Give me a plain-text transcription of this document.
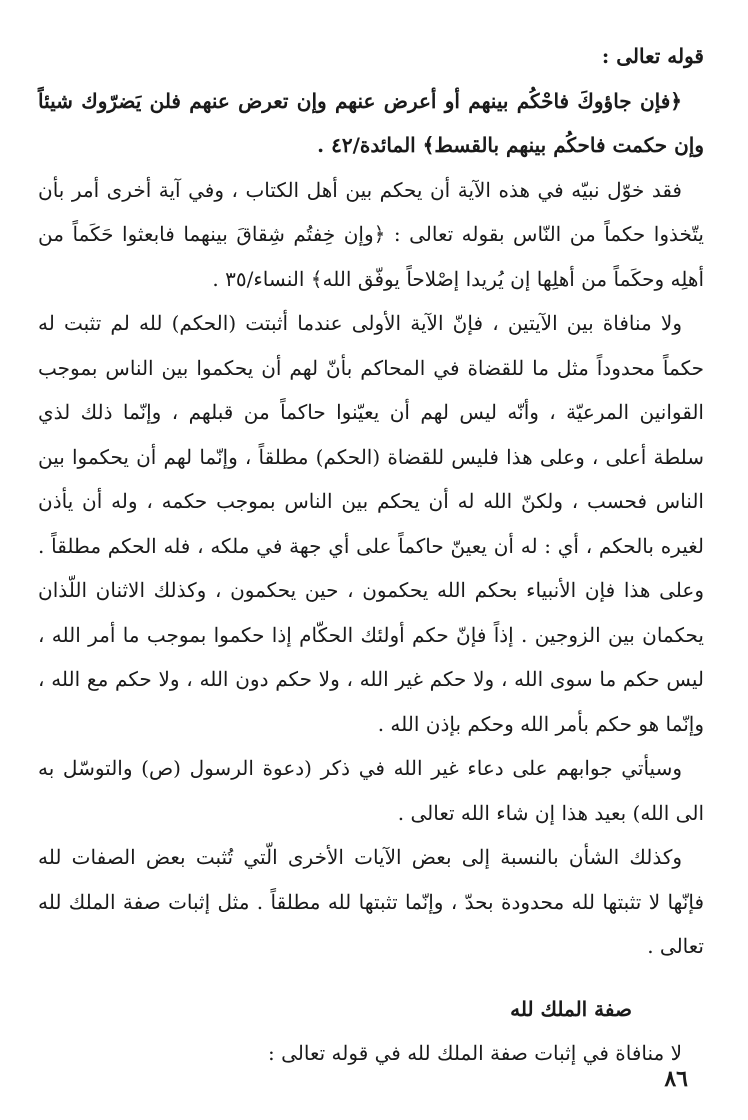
قوله تعالى :

﴿فإن جاؤوكَ فاحْكُم بينهم أو أعرض عنهم وإن تعرض عنهم فلن يَضرّوك شيئاً وإن حكمت فاحكُم بينهم بالقسط﴾ المائدة/٤٢ .

فقد خوّل نبيّه في هذه الآية أن يحكم بين أهل الكتاب ، وفي آية أخرى أمر بأن يتّخذوا حكماً من النّاس بقوله تعالى : ﴿وإن خِفتُم شِقاقَ بينهما فابعثوا حَكَماً من أهلِه وحكَماً من أهلِها إن يُريدا إصْلاحاً يوفّق الله﴾ النساء/٣٥ .

ولا منافاة بين الآيتين ، فإنّ الآية الأولى عندما أثبتت (الحكم) لله لم تثبت له حكماً محدوداً مثل ما للقضاة في المحاكم بأنّ لهم أن يحكموا بين الناس بموجب القوانين المرعيّة ، وأنّه ليس لهم أن يعيّنوا حاكماً من قبلهم ، وإنّما ذلك لذي سلطة أعلى ، وعلى هذا فليس للقضاة (الحكم) مطلقاً ، وإنّما لهم أن يحكموا بين الناس فحسب ، ولكنّ الله له أن يحكم بين الناس بموجب حكمه ، وله أن يأذن لغيره بالحكم ، أي : له أن يعينّ حاكماً على أي جهة في ملكه ، فله الحكم مطلقاً . وعلى هذا فإن الأنبياء بحكم الله يحكمون ، حين يحكمون ، وكذلك الاثنان اللّذان يحكمان بين الزوجين . إذاً فإنّ حكم أولئك الحكّام إذا حكموا بموجب ما أمر الله ، ليس حكم ما سوى الله ، ولا حكم غير الله ، ولا حكم دون الله ، ولا حكم مع الله ، وإنّما هو حكم بأمر الله وحكم بإذن الله .

وسيأتي جوابهم على دعاء غير الله في ذكر (دعوة الرسول (ص) والتوسّل به الى الله) بعيد هذا إن شاء الله تعالى .

وكذلك الشأن بالنسبة إلى بعض الآيات الأخرى الّتي تُثبت بعض الصفات لله فإنّها لا تثبتها لله محدودة بحدّ ، وإنّما تثبتها لله مطلقاً . مثل إثبات صفة الملك لله تعالى .

صفة الملك لله

لا منافاة في إثبات صفة الملك لله في قوله تعالى :

٨٦
